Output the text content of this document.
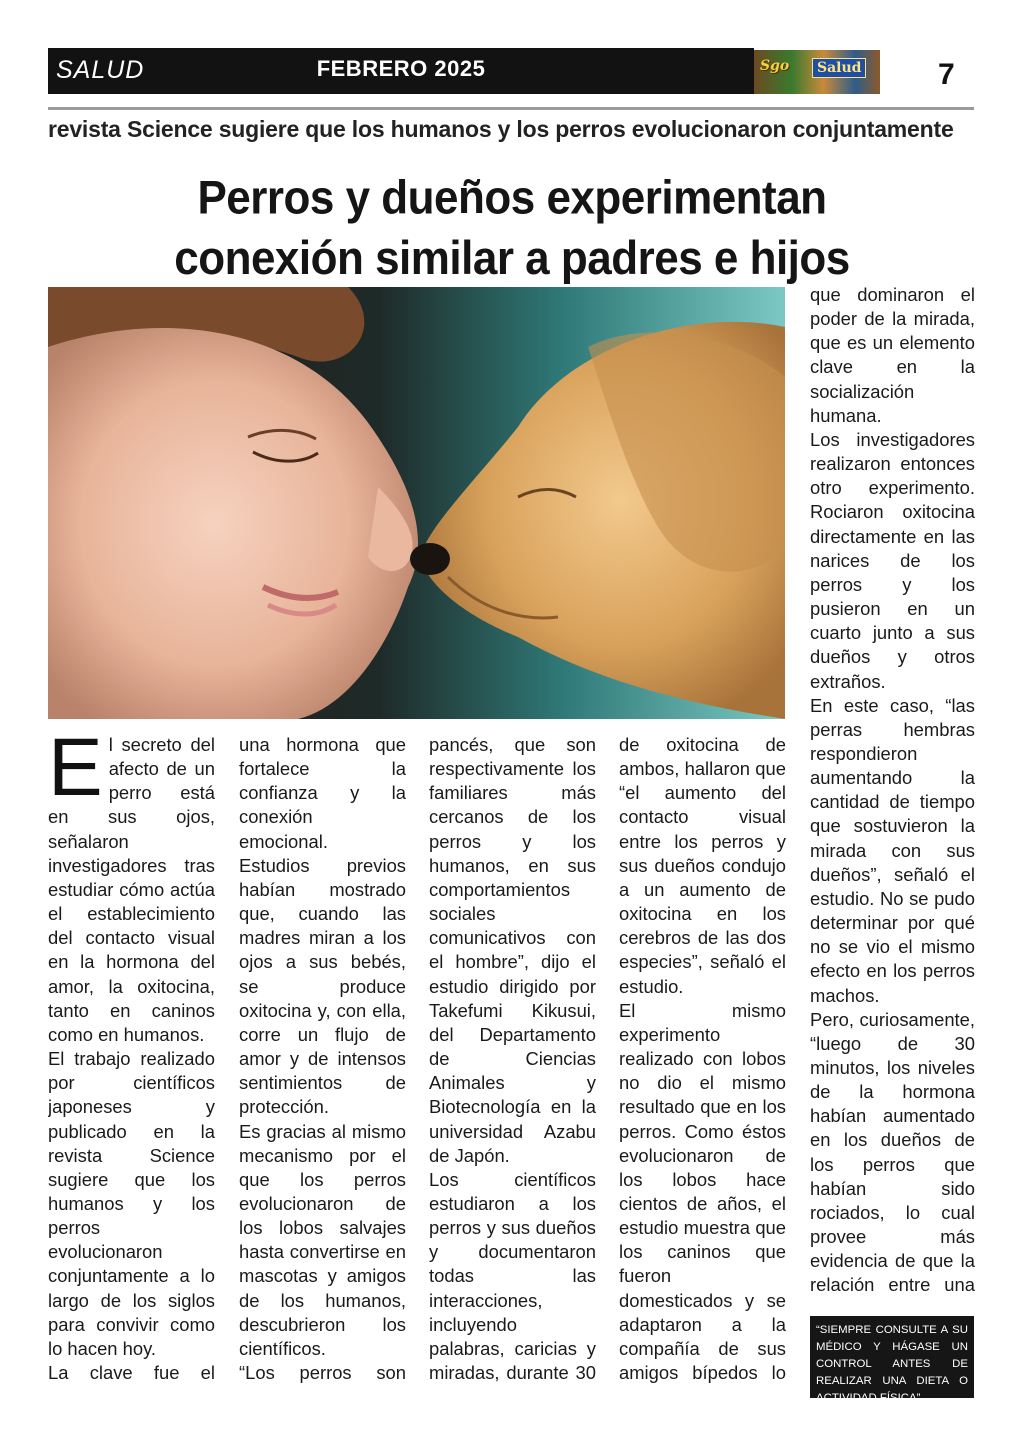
SALUD	FEBRERO 2025	Sgo	Salud	7
revista Science sugiere que los humanos y los perros evolucionaron conjuntamente
Perros y dueños experimentan
conexión similar a padres e hijos
E l secreto del afecto de un perro está en sus ojos, señalaron investigadores tras estudiar cómo actúa el establecimiento del contacto visual en la hormona del amor, la oxitocina, tanto en caninos como en humanos.

El trabajo realizado por científicos japoneses y publicado en la revista Science sugiere que los humanos y los perros evolucionaron conjuntamente a lo largo de los siglos para convivir como lo hacen hoy.

La clave fue el

una hormona que fortalece la confianza y la conexión emocional.

Estudios previos habían mostrado que, cuando las madres miran a los ojos a sus bebés, se produce oxitocina y, con ella, corre un flujo de amor y de intensos sentimientos de protección.

Es gracias al mismo mecanismo por el que los perros evolucionaron de los lobos salvajes hasta convertirse en mascotas y amigos de los humanos, descubrieron los científicos.

“Los perros son

pancés, que son respectivamente los familiares más cercanos de los perros y los humanos, en sus comportamientos sociales comunicativos con el hombre”, dijo el estudio dirigido por Takefumi Kikusui, del Departamento de Ciencias Animales y Biotecnología en la universidad Azabu de Japón.

Los científicos estudiaron a los perros y sus dueños y documentaron todas las interacciones, incluyendo palabras, caricias y miradas, durante 30

de oxitocina de ambos, hallaron que “el aumento del contacto visual entre los perros y sus dueños condujo a un aumento de oxitocina en los cerebros de las dos especies”, señaló el estudio.

El mismo experimento realizado con lobos no dio el mismo resultado que en los perros. Como éstos evolucionaron de los lobos hace cientos de años, el estudio muestra que los caninos que fueron domesticados y se adaptaron a la compañía de sus amigos bípedos lo

que dominaron el poder de la mirada, que es un elemento clave en la socialización humana.

Los investigadores realizaron entonces otro experimento. Rociaron oxitocina directamente en las narices de los perros y los pusieron en un cuarto junto a sus dueños y otros extraños.

En este caso, “las perras hembras respondieron aumentando la cantidad de tiempo que sostuvieron la mirada con sus dueños”, señaló el estudio. No se pudo determinar por qué no se vio el mismo efecto en los perros machos.

Pero, curiosamente, “luego de 30 minutos, los niveles de la hormona habían aumentado en los dueños de los perros que habían sido rociados, lo cual provee más evidencia de que la relación entre una

“SIEMPRE CONSULTE A SU MÉDICO Y HÁGASE UN CONTROL ANTES DE REALIZAR UNA DIETA O ACTIVIDAD FÍSICA”
